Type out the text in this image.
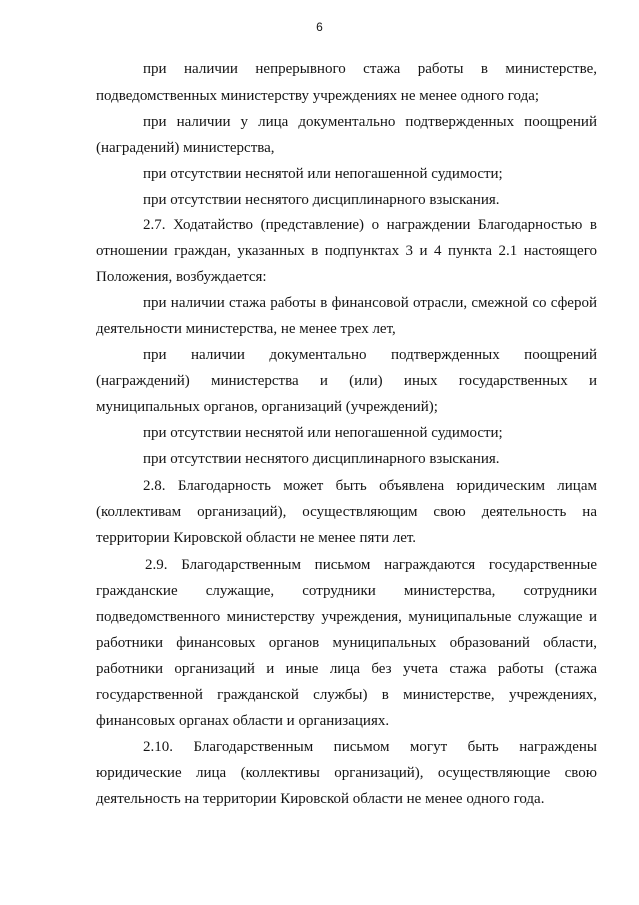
6
при наличии непрерывного стажа работы в министерстве,
подведомственных министерству учреждениях не менее одного года;
при наличии у лица документально подтвержденных поощрений
(наградений) министерства,
при отсутствии неснятой или непогашенной судимости;
при отсутствии неснятого дисциплинарного взыскания.
2.7. Ходатайство (представление) о награждении Благодарностью в
отношении граждан, указанных в подпунктах 3 и 4 пункта 2.1 настоящего
Положения, возбуждается:
при наличии стажа работы в финансовой отрасли, смежной со сферой
деятельности министерства, не менее трех лет,
при наличии документально подтвержденных поощрений
(награждений) министерства и (или) иных государственных и
муниципальных органов, организаций (учреждений);
при отсутствии неснятой или непогашенной судимости;
при отсутствии неснятого дисциплинарного взыскания.
2.8. Благодарность может быть объявлена юридическим лицам
(коллективам организаций), осуществляющим свою деятельность на
территории Кировской области не менее пяти лет.
2.9. Благодарственным письмом награждаются государственные
гражданские служащие, сотрудники министерства, сотрудники
подведомственного министерству учреждения, муниципальные служащие и
работники финансовых органов муниципальных образований области,
работники организаций и иные лица без учета стажа работы (стажа
государственной гражданской службы) в министерстве, учреждениях,
финансовых органах области и организациях.
2.10. Благодарственным письмом могут быть награждены
юридические лица (коллективы организаций), осуществляющие свою
деятельность на территории Кировской области не менее одного года.
